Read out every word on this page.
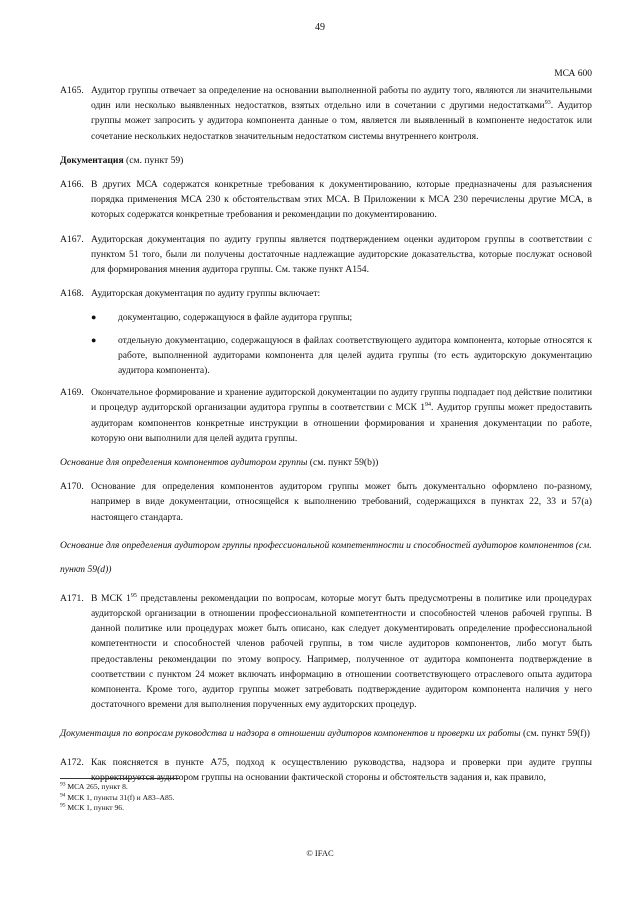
49
МСА 600
A165. Аудитор группы отвечает за определение на основании выполненной работы по аудиту того, являются ли значительными один или несколько выявленных недостатков, взятых отдельно или в сочетании с другими недостатками$^{93}$. Аудитор группы может запросить у аудитора компонента данные о том, является ли выявленный в компоненте недостаток или сочетание нескольких недостатков значительным недостатком системы внутреннего контроля.
Документация (см. пункт 59)
A166. В других МСА содержатся конкретные требования к документированию, которые предназначены для разъяснения порядка применения МСА 230 к обстоятельствам этих МСА. В Приложении к МСА 230 перечислены другие МСА, в которых содержатся конкретные требования и рекомендации по документированию.
A167. Аудиторская документация по аудиту группы является подтверждением оценки аудитором группы в соответствии с пунктом 51 того, были ли получены достаточные надлежащие аудиторские доказательства, которые послужат основой для формирования мнения аудитора группы. См. также пункт A154.
A168. Аудиторская документация по аудиту группы включает:
● документацию, содержащуюся в файле аудитора группы;
● отдельную документацию, содержащуюся в файлах соответствующего аудитора компонента, которые относятся к работе, выполненной аудиторами компонента для целей аудита группы (то есть аудиторскую документацию аудитора компонента).
A169. Окончательное формирование и хранение аудиторской документации по аудиту группы подпадает под действие политики и процедур аудиторской организации аудитора группы в соответствии с МСК $1^{94}$. Аудитор группы может предоставить аудиторам компонентов конкретные инструкции в отношении формирования и хранения документации по работе, которую они выполнили для целей аудита группы.
Основание для определения компонентов аудитором группы (см. пункт 59(b))
A170. Основание для определения компонентов аудитором группы может быть документально оформлено по-разному, например в виде документации, относящейся к выполнению требований, содержащихся в пунктах 22, 33 и 57(a) настоящего стандарта.
Основание для определения аудитором группы профессиональной компетентности и способностей аудиторов компонентов (см. пункт 59(d))
A171. В МСК $1^{95}$ представлены рекомендации по вопросам, которые могут быть предусмотрены в политике или процедурах аудиторской организации в отношении профессиональной компетентности и способностей членов рабочей группы. В данной политике или процедурах может быть описано, как следует документировать определение профессиональной компетентности и способностей членов рабочей группы, в том числе аудиторов компонентов, либо могут быть предоставлены рекомендации по этому вопросу. Например, полученное от аудитора компонента подтверждение в соответствии с пунктом 24 может включать информацию в отношении соответствующего отраслевого опыта аудитора компонента. Кроме того, аудитор группы может затребовать подтверждение аудитором компонента наличия у него достаточного времени для выполнения порученных ему аудиторских процедур.
Документация по вопросам руководства и надзора в отношении аудиторов компонентов и проверки их работы (см. пункт 59(f))
A172. Как поясняется в пункте A75, подход к осуществлению руководства, надзора и проверки при аудите группы корректируется аудитором группы на основании фактической стороны и обстоятельств задания и, как правило,
$^{93}$ МСА 265, пункт 8.
$^{94}$ МСК 1, пункты 31(f) и A83–A85.
$^{95}$ МСК 1, пункт 96.
© IFAC
